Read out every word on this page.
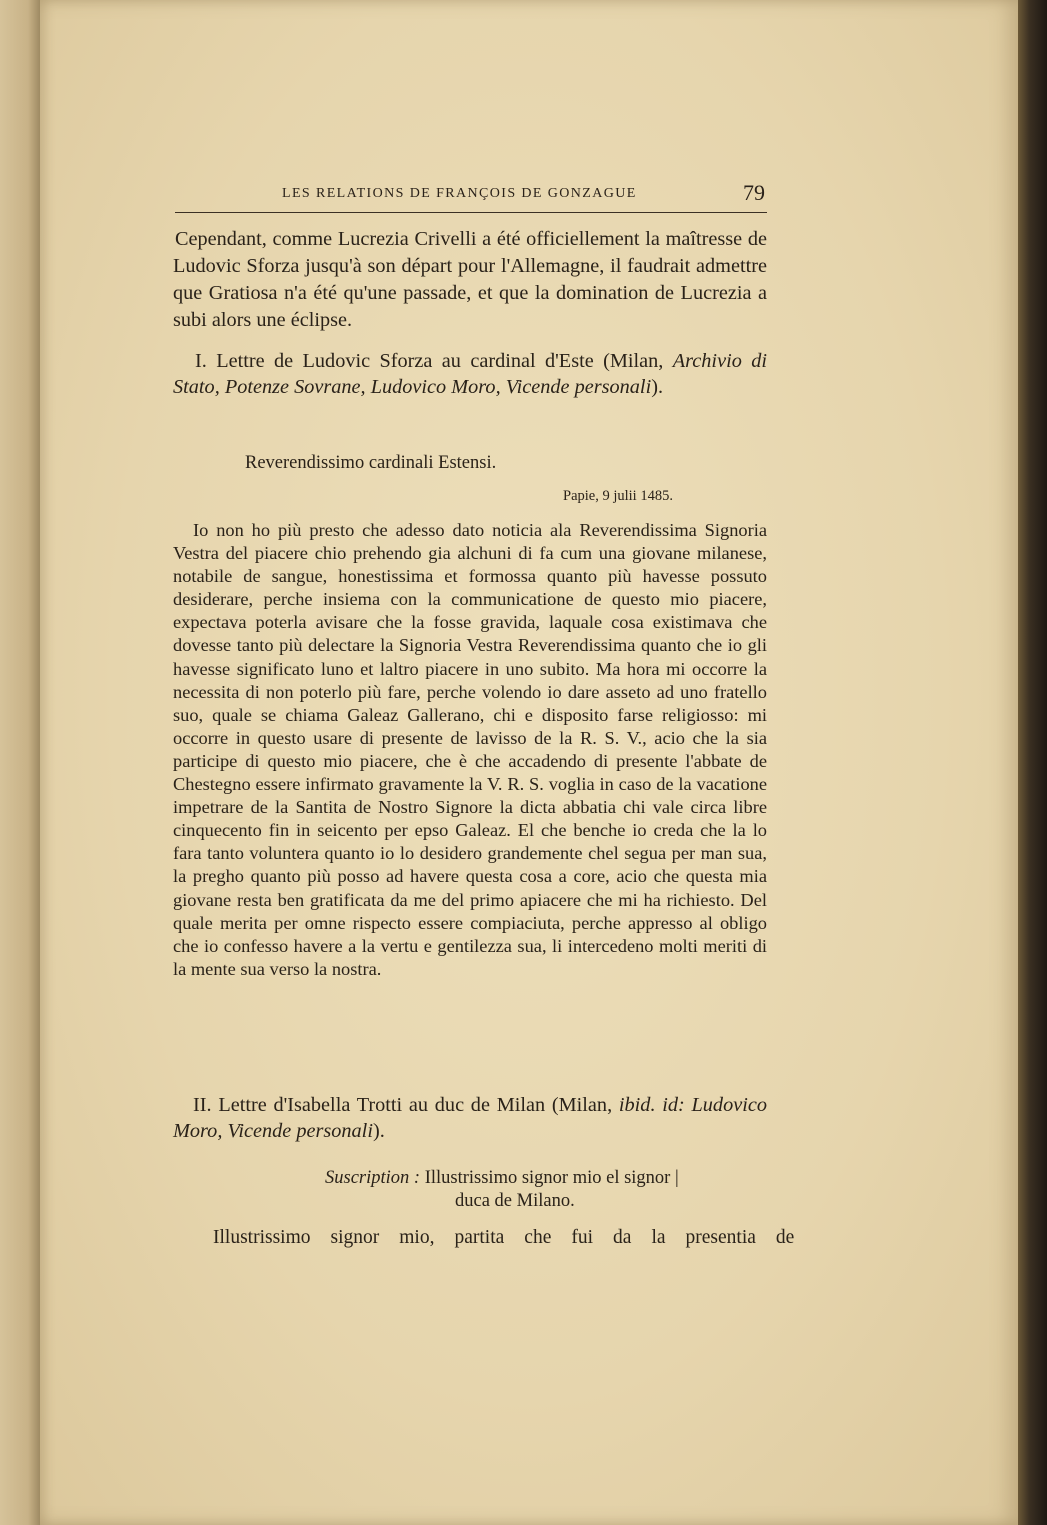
LES RELATIONS DE FRANÇOIS DE GONZAGUE	79
Cependant, comme Lucrezia Crivelli a été officiellement la maîtresse de Ludovic Sforza jusqu'à son départ pour l'Allemagne, il faudrait admettre que Gratiosa n'a été qu'une passade, et que la domination de Lucrezia a subi alors une éclipse.
I. Lettre de Ludovic Sforza au cardinal d'Este (Milan, Archivio di Stato, Potenze Sovrane, Ludovico Moro, Vicende personali).
Reverendissimo cardinali Estensi.
Papie, 9 julii 1485.
Io non ho più presto che adesso dato noticia ala Reverendissima Signoria Vestra del piacere chio prehendo gia alchuni di fa cum una giovane milanese, notabile de sangue, honestissima et formossa quanto più havesse possuto desiderare, perche insiema con la communicatione de questo mio piacere, expectava poterla avisare che la fosse gravida, laquale cosa existimava che dovesse tanto più delectare la Signoria Vestra Reverendissima quanto che io gli havesse significato luno et laltro piacere in uno subito. Ma hora mi occorre la necessita di non poterlo più fare, perche volendo io dare asseto ad uno fratello suo, quale se chiama Galeaz Gallerano, chi e disposito farse religiosso: mi occorre in questo usare di presente de lavisso de la R. S. V., acio che la sia participe di questo mio piacere, che è che accadendo di presente l'abbate de Chestegno essere infirmato gravamente la V. R. S. voglia in caso de la vacatione impetrare de la Santita de Nostro Signore la dicta abbatia chi vale circa libre cinquecento fin in seicento per epso Galeaz. El che benche io creda che la lo fara tanto voluntera quanto io lo desidero grandemente chel segua per man sua, la pregho quanto più posso ad havere questa cosa a core, acio che questa mia giovane resta ben gratificata da me del primo apiacere che mi ha richiesto. Del quale merita per omne rispecto essere compiaciuta, perche appresso al obligo che io confesso havere a la vertu e gentilezza sua, li intercedeno molti meriti di la mente sua verso la nostra.
II. Lettre d'Isabella Trotti au duc de Milan (Milan, ibid. id: Ludovico Moro, Vicende personali).
Suscription : Illustrissimo signor mio el signor |
duca de Milano.
Illustrissimo	signor	mio,	partita	che	fui	da	la	presentia	de
